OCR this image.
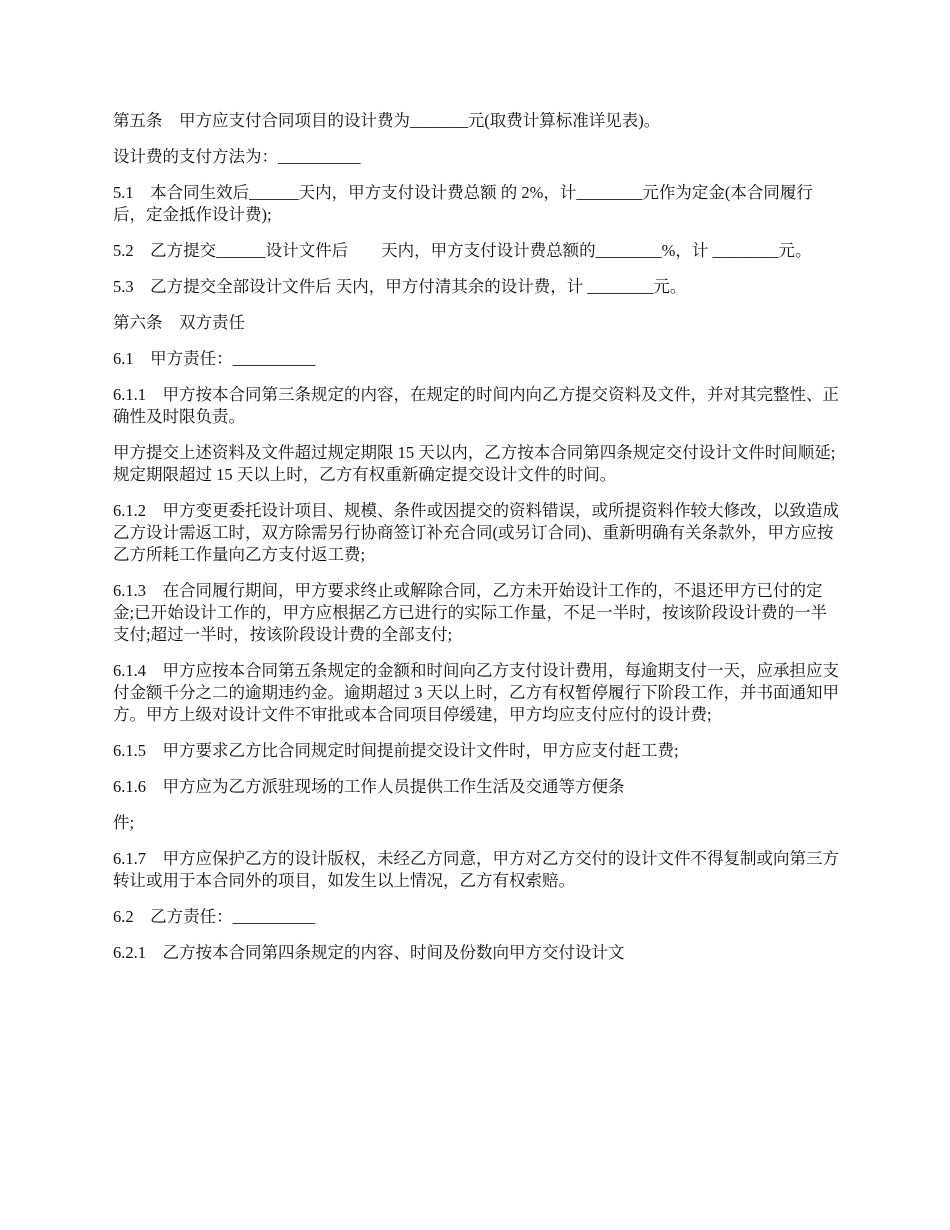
第五条　甲方应支付合同项目的设计费为_______元(取费计算标准详见表)。

设计费的支付方法为：__________

5.1　本合同生效后______天内，甲方支付设计费总额 的 2%，计________元作为定金(本合同履行后，定金抵作设计费);

5.2　乙方提交______设计文件后　　天内，甲方支付设计费总额的________%，计 ________元。

5.3　乙方提交全部设计文件后 天内，甲方付清其余的设计费，计 ________元。

第六条　双方责任

6.1　甲方责任：__________

6.1.1　甲方按本合同第三条规定的内容，在规定的时间内向乙方提交资料及文件，并对其完整性、正确性及时限负责。

甲方提交上述资料及文件超过规定期限 15 天以内，乙方按本合同第四条规定交付设计文件时间顺延;规定期限超过 15 天以上时，乙方有权重新确定提交设计文件的时间。

6.1.2　甲方变更委托设计项目、规模、条件或因提交的资料错误，或所提资料作较大修改，以致造成乙方设计需返工时，双方除需另行协商签订补充合同(或另订合同)、重新明确有关条款外，甲方应按乙方所耗工作量向乙方支付返工费;

6.1.3　在合同履行期间，甲方要求终止或解除合同，乙方未开始设计工作的，不退还甲方已付的定金;已开始设计工作的，甲方应根据乙方已进行的实际工作量，不足一半时，按该阶段设计费的一半支付;超过一半时，按该阶段设计费的全部支付;

6.1.4　甲方应按本合同第五条规定的金额和时间向乙方支付设计费用，每逾期支付一天，应承担应支付金额千分之二的逾期违约金。逾期超过 3 天以上时，乙方有权暂停履行下阶段工作，并书面通知甲方。甲方上级对设计文件不审批或本合同项目停缓建，甲方均应支付应付的设计费;

6.1.5　甲方要求乙方比合同规定时间提前提交设计文件时，甲方应支付赶工费;

6.1.6　甲方应为乙方派驻现场的工作人员提供工作生活及交通等方便条

件;

6.1.7　甲方应保护乙方的设计版权，未经乙方同意，甲方对乙方交付的设计文件不得复制或向第三方转让或用于本合同外的项目，如发生以上情况，乙方有权索赔。

6.2　乙方责任：__________

6.2.1　乙方按本合同第四条规定的内容、时间及份数向甲方交付设计文
